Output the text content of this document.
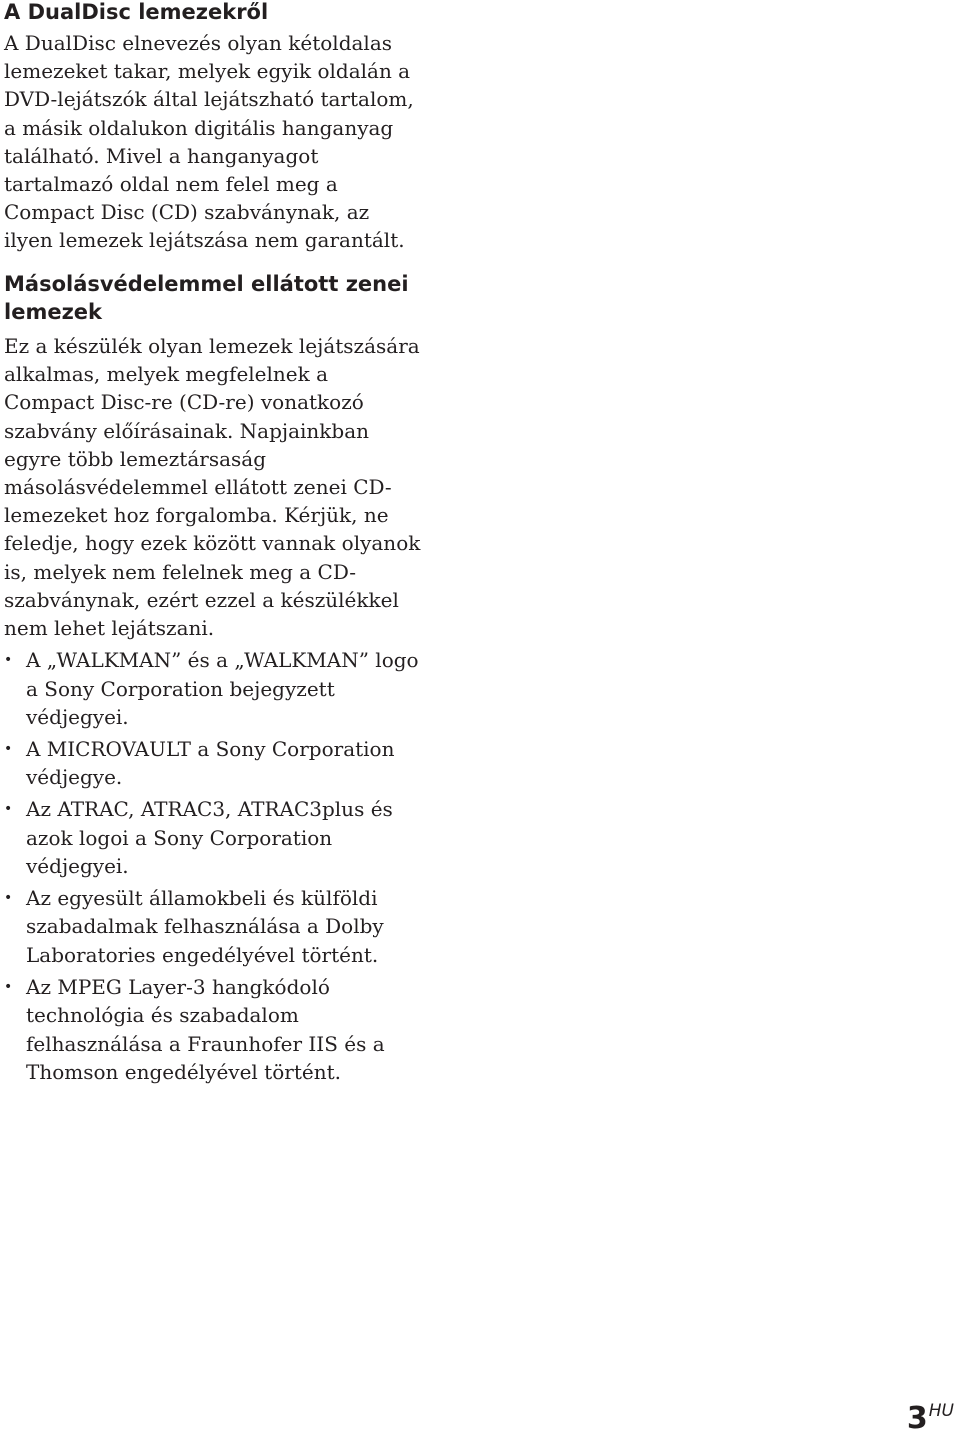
A DualDisc lemezekről

A DualDisc elnevezés olyan kétoldalas lemezeket takar, melyek egyik oldalán a DVD-lejátszók által lejátszható tartalom, a másik oldalukon digitális hanganyag található. Mivel a hanganyagot tartalmazó oldal nem felel meg a Compact Disc (CD) szabványnak, az ilyen lemezek lejátszása nem garantált.

Másolásvédelemmel ellátott zenei lemezek

Ez a készülék olyan lemezek lejátszására alkalmas, melyek megfelelnek a Compact Disc-re (CD-re) vonatkozó szabvány előírásainak. Napjainkban egyre több lemeztársaság másolásvédelemmel ellátott zenei CD-lemezeket hoz forgalomba. Kérjük, ne feledje, hogy ezek között vannak olyanok is, melyek nem felelnek meg a CD-szabványnak, ezért ezzel a készülékkel nem lehet lejátszani.

• A „WALKMAN” és a „WALKMAN” logo a Sony Corporation bejegyzett védjegyei.
• A MICROVAULT a Sony Corporation védjegye.
• Az ATRAC, ATRAC3, ATRAC3plus és azok logoi a Sony Corporation védjegyei.
• Az egyesült államokbeli és külföldi szabadalmak felhasználása a Dolby Laboratories engedélyével történt.
• Az MPEG Layer-3 hangkódoló technológia és szabadalom felhasználása a Fraunhofer IIS és a Thomson engedélyével történt.
3HU
